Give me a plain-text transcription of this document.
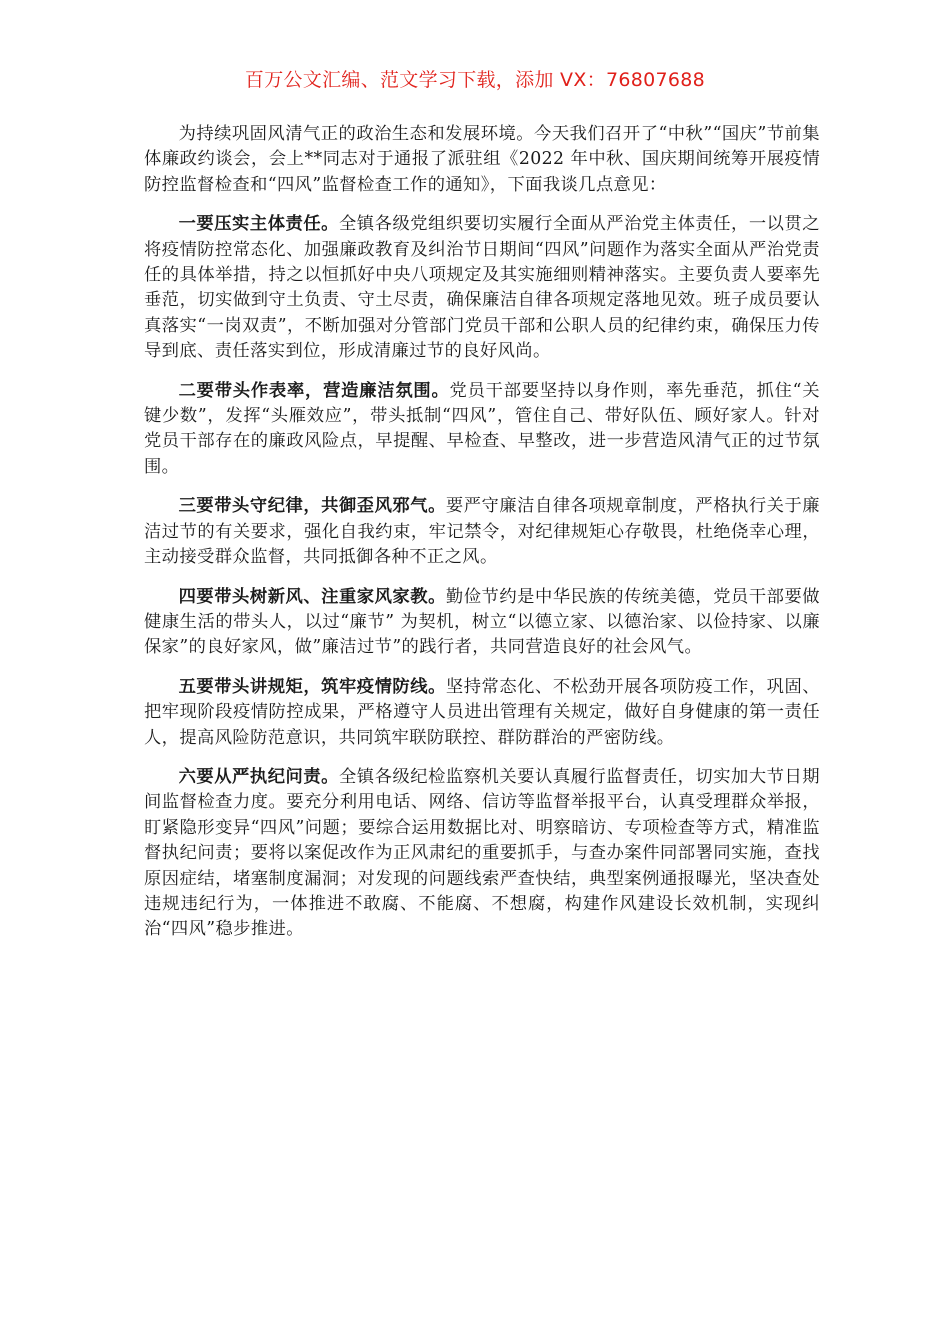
百万公文汇编、范文学习下载，添加 VX：76807688

为持续巩固风清气正的政治生态和发展环境。今天我们召开了“中秋”“国庆”节前集体廉政约谈会，会上**同志对于通报了派驻组《2022 年中秋、国庆期间统筹开展疫情防控监督检查和“四风”监督检查工作的通知》，下面我谈几点意见：

一要压实主体责任。全镇各级党组织要切实履行全面从严治党主体责任，一以贯之将疫情防控常态化、加强廉政教育及纠治节日期间“四风”问题作为落实全面从严治党责任的具体举措，持之以恒抓好中央八项规定及其实施细则精神落实。主要负责人要率先垂范，切实做到守土负责、守土尽责，确保廉洁自律各项规定落地见效。班子成员要认真落实“一岗双责”，不断加强对分管部门党员干部和公职人员的纪律约束，确保压力传导到底、责任落实到位，形成清廉过节的良好风尚。

二要带头作表率，营造廉洁氛围。党员干部要坚持以身作则，率先垂范，抓住“关键少数”，发挥“头雁效应”，带头抵制“四风”，管住自己、带好队伍、顾好家人。针对党员干部存在的廉政风险点，早提醒、早检查、早整改，进一步营造风清气正的过节氛围。

三要带头守纪律，共御歪风邪气。要严守廉洁自律各项规章制度，严格执行关于廉洁过节的有关要求，强化自我约束，牢记禁令，对纪律规矩心存敬畏，杜绝侥幸心理，主动接受群众监督，共同抵御各种不正之风。

四要带头树新风、注重家风家教。勤俭节约是中华民族的传统美德，党员干部要做健康生活的带头人，以过“廉节” 为契机，树立“以德立家、以德治家、以俭持家、以廉保家”的良好家风，做”廉洁过节”的践行者，共同营造良好的社会风气。

五要带头讲规矩，筑牢疫情防线。坚持常态化、不松劲开展各项防疫工作，巩固、把牢现阶段疫情防控成果，严格遵守人员进出管理有关规定，做好自身健康的第一责任人，提高风险防范意识，共同筑牢联防联控、群防群治的严密防线。

六要从严执纪问责。全镇各级纪检监察机关要认真履行监督责任，切实加大节日期间监督检查力度。要充分利用电话、网络、信访等监督举报平台，认真受理群众举报，盯紧隐形变异“四风”问题；要综合运用数据比对、明察暗访、专项检查等方式，精准监督执纪问责；要将以案促改作为正风肃纪的重要抓手，与查办案件同部署同实施，查找原因症结，堵塞制度漏洞；对发现的问题线索严查快结，典型案例通报曝光，坚决查处违规违纪行为，一体推进不敢腐、不能腐、不想腐，构建作风建设长效机制，实现纠治“四风”稳步推进。
